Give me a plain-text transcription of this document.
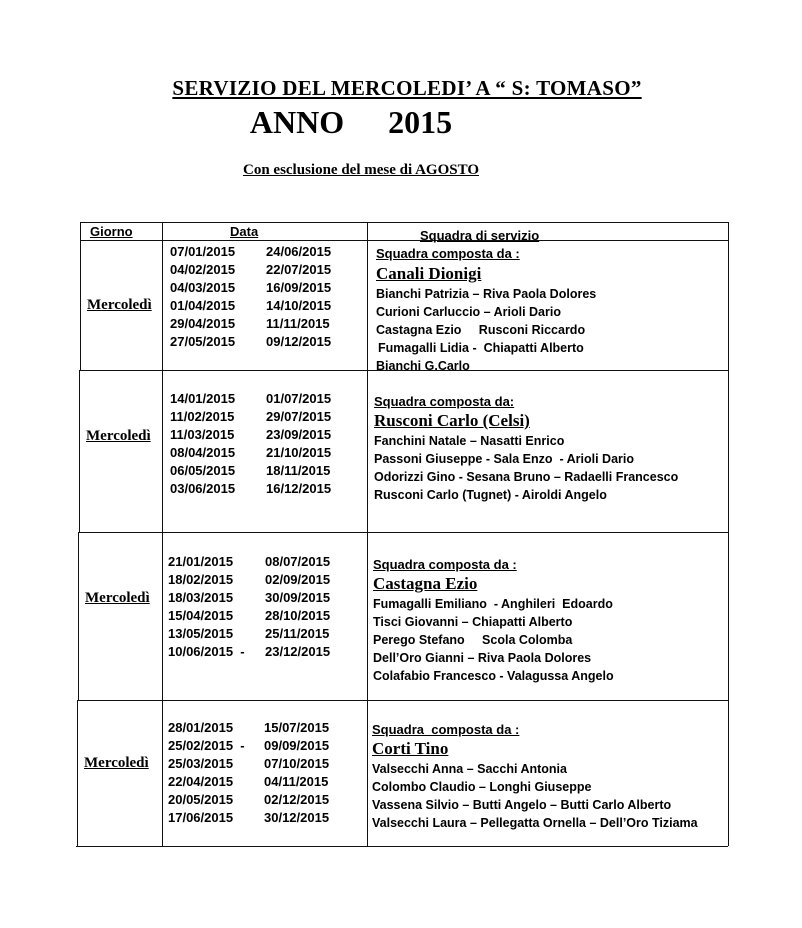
SERVIZIO DEL MERCOLEDI’ A “ S: TOMASO”
ANNO 2015
Con esclusione del mese di AGOSTO
Giorno	Data	Squadra di servizio
Mercoledì
07/01/2015 24/06/2015
04/02/2015 22/07/2015
04/03/2015 16/09/2015
01/04/2015 14/10/2015
29/04/2015 11/11/2015
27/05/2015 09/12/2015
Squadra composta da :
Canali Dionigi
Bianchi Patrizia – Riva Paola Dolores
Curioni Carluccio – Arioli Dario
Castagna Ezio     Rusconi Riccardo
Fumagalli Lidia -  Chiapatti Alberto
Bianchi G.Carlo
Mercoledì
14/01/2015 01/07/2015
11/02/2015 29/07/2015
11/03/2015 23/09/2015
08/04/2015 21/10/2015
06/05/2015 18/11/2015
03/06/2015 16/12/2015
Squadra composta da:
Rusconi Carlo (Celsi)
Fanchini Natale – Nasatti Enrico
Passoni Giuseppe - Sala Enzo  - Arioli Dario
Odorizzi Gino - Sesana Bruno – Radaelli Francesco
Rusconi Carlo (Tugnet) - Airoldi Angelo
Mercoledì
21/01/2015 08/07/2015
18/02/2015 02/09/2015
18/03/2015 30/09/2015
15/04/2015 28/10/2015
13/05/2015 25/11/2015
10/06/2015  - 23/12/2015
Squadra composta da :
Castagna Ezio
Fumagalli Emiliano  - Anghileri  Edoardo
Tisci Giovanni – Chiapatti Alberto
Perego Stefano     Scola Colomba
Dell’Oro Gianni – Riva Paola Dolores
Colafabio Francesco - Valagussa Angelo
Mercoledì
28/01/2015 15/07/2015
25/02/2015  - 09/09/2015
25/03/2015 07/10/2015
22/04/2015 04/11/2015
20/05/2015 02/12/2015
17/06/2015 30/12/2015
Squadra  composta da :
Corti Tino
Valsecchi Anna – Sacchi Antonia
Colombo Claudio – Longhi Giuseppe
Vassena Silvio – Butti Angelo – Butti Carlo Alberto
Valsecchi Laura – Pellegatta Ornella – Dell’Oro Tiziama
